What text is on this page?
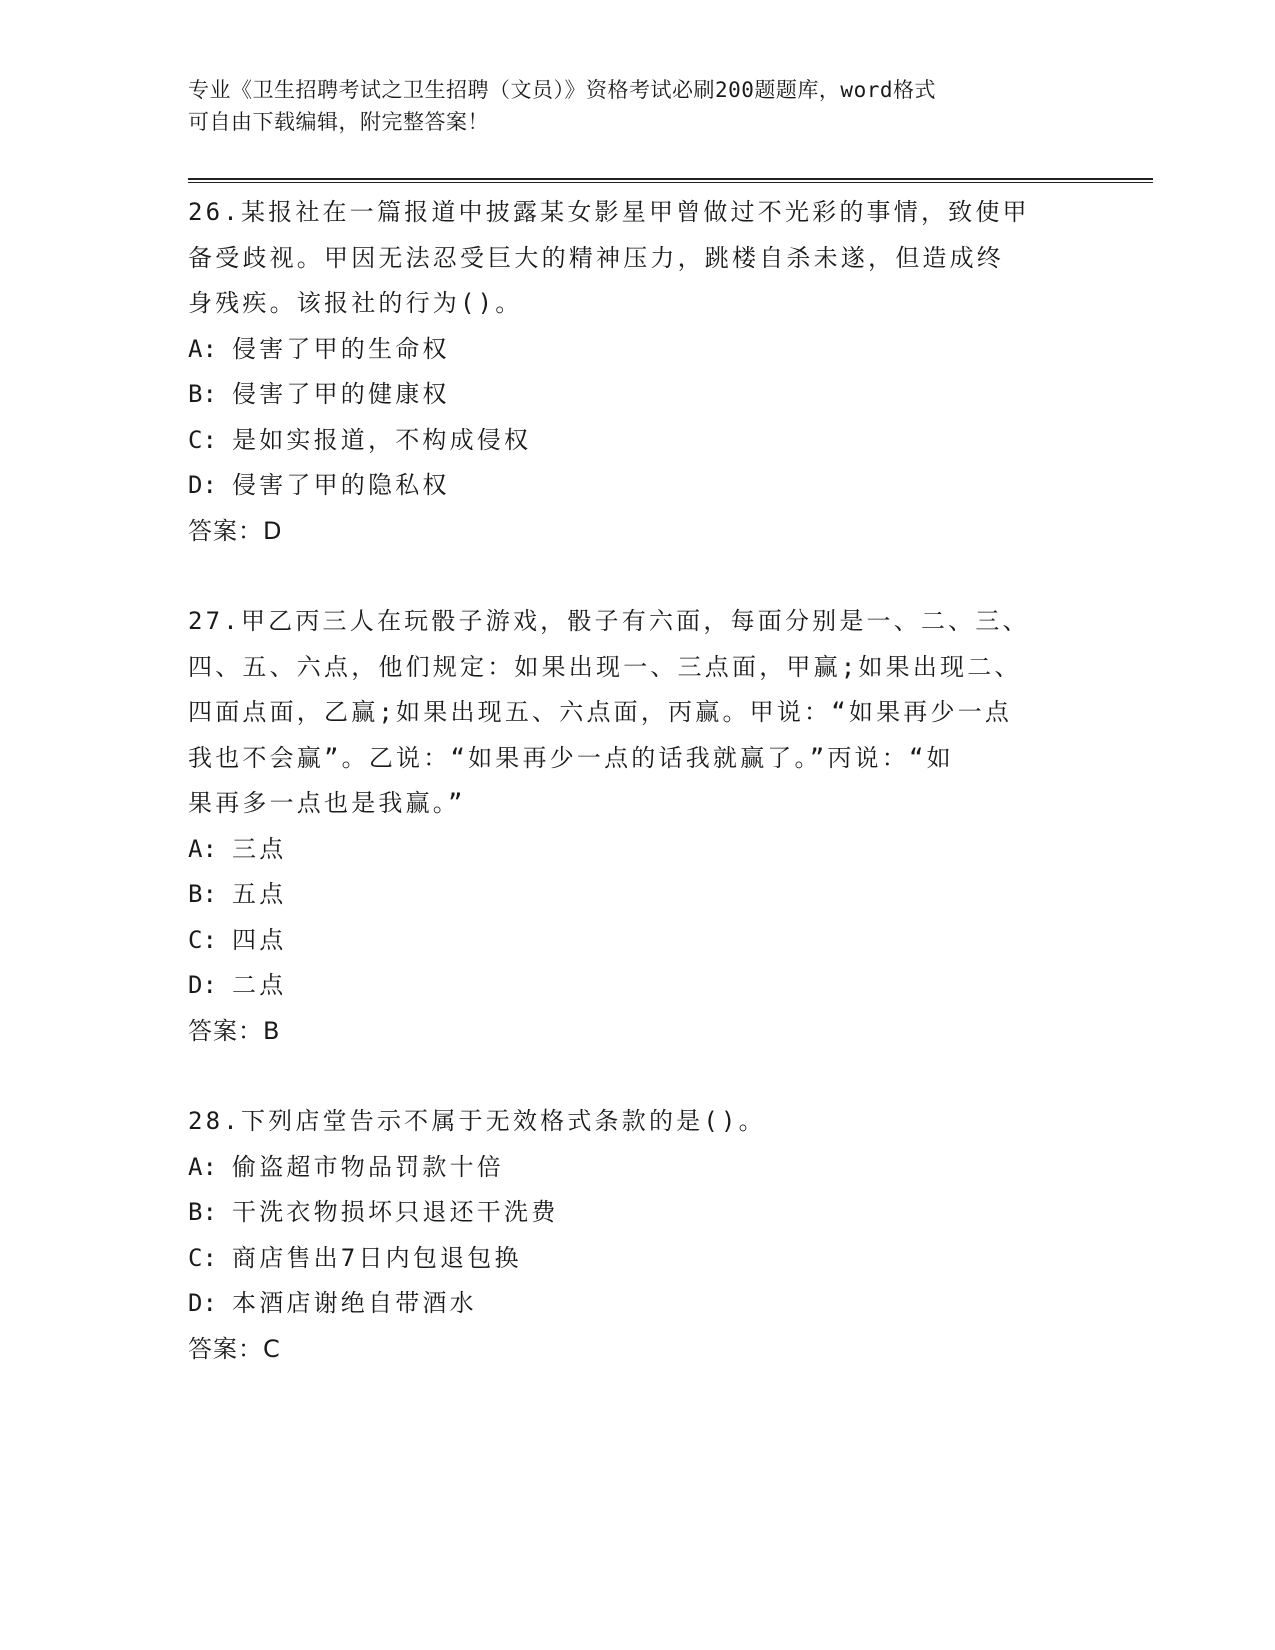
专业《卫生招聘考试之卫生招聘（文员）》资格考试必刷200题题库，word格式
可自由下载编辑，附完整答案！
26.某报社在一篇报道中披露某女影星甲曾做过不光彩的事情，致使甲
备受歧视。甲因无法忍受巨大的精神压力，跳楼自杀未遂，但造成终
身残疾。该报社的行为()。
A: 侵害了甲的生命权
B: 侵害了甲的健康权
C: 是如实报道，不构成侵权
D: 侵害了甲的隐私权
答案：D
27.甲乙丙三人在玩骰子游戏，骰子有六面，每面分别是一、二、三、
四、五、六点，他们规定：如果出现一、三点面，甲赢;如果出现二、
四面点面，乙赢;如果出现五、六点面，丙赢。甲说：“如果再少一点
我也不会赢”。乙说：“如果再少一点的话我就赢了。”丙说：“如
果再多一点也是我赢。”
A: 三点
B: 五点
C: 四点
D: 二点
答案：B
28.下列店堂告示不属于无效格式条款的是()。
A: 偷盗超市物品罚款十倍
B: 干洗衣物损坏只退还干洗费
C: 商店售出7日内包退包换
D: 本酒店谢绝自带酒水
答案：C
